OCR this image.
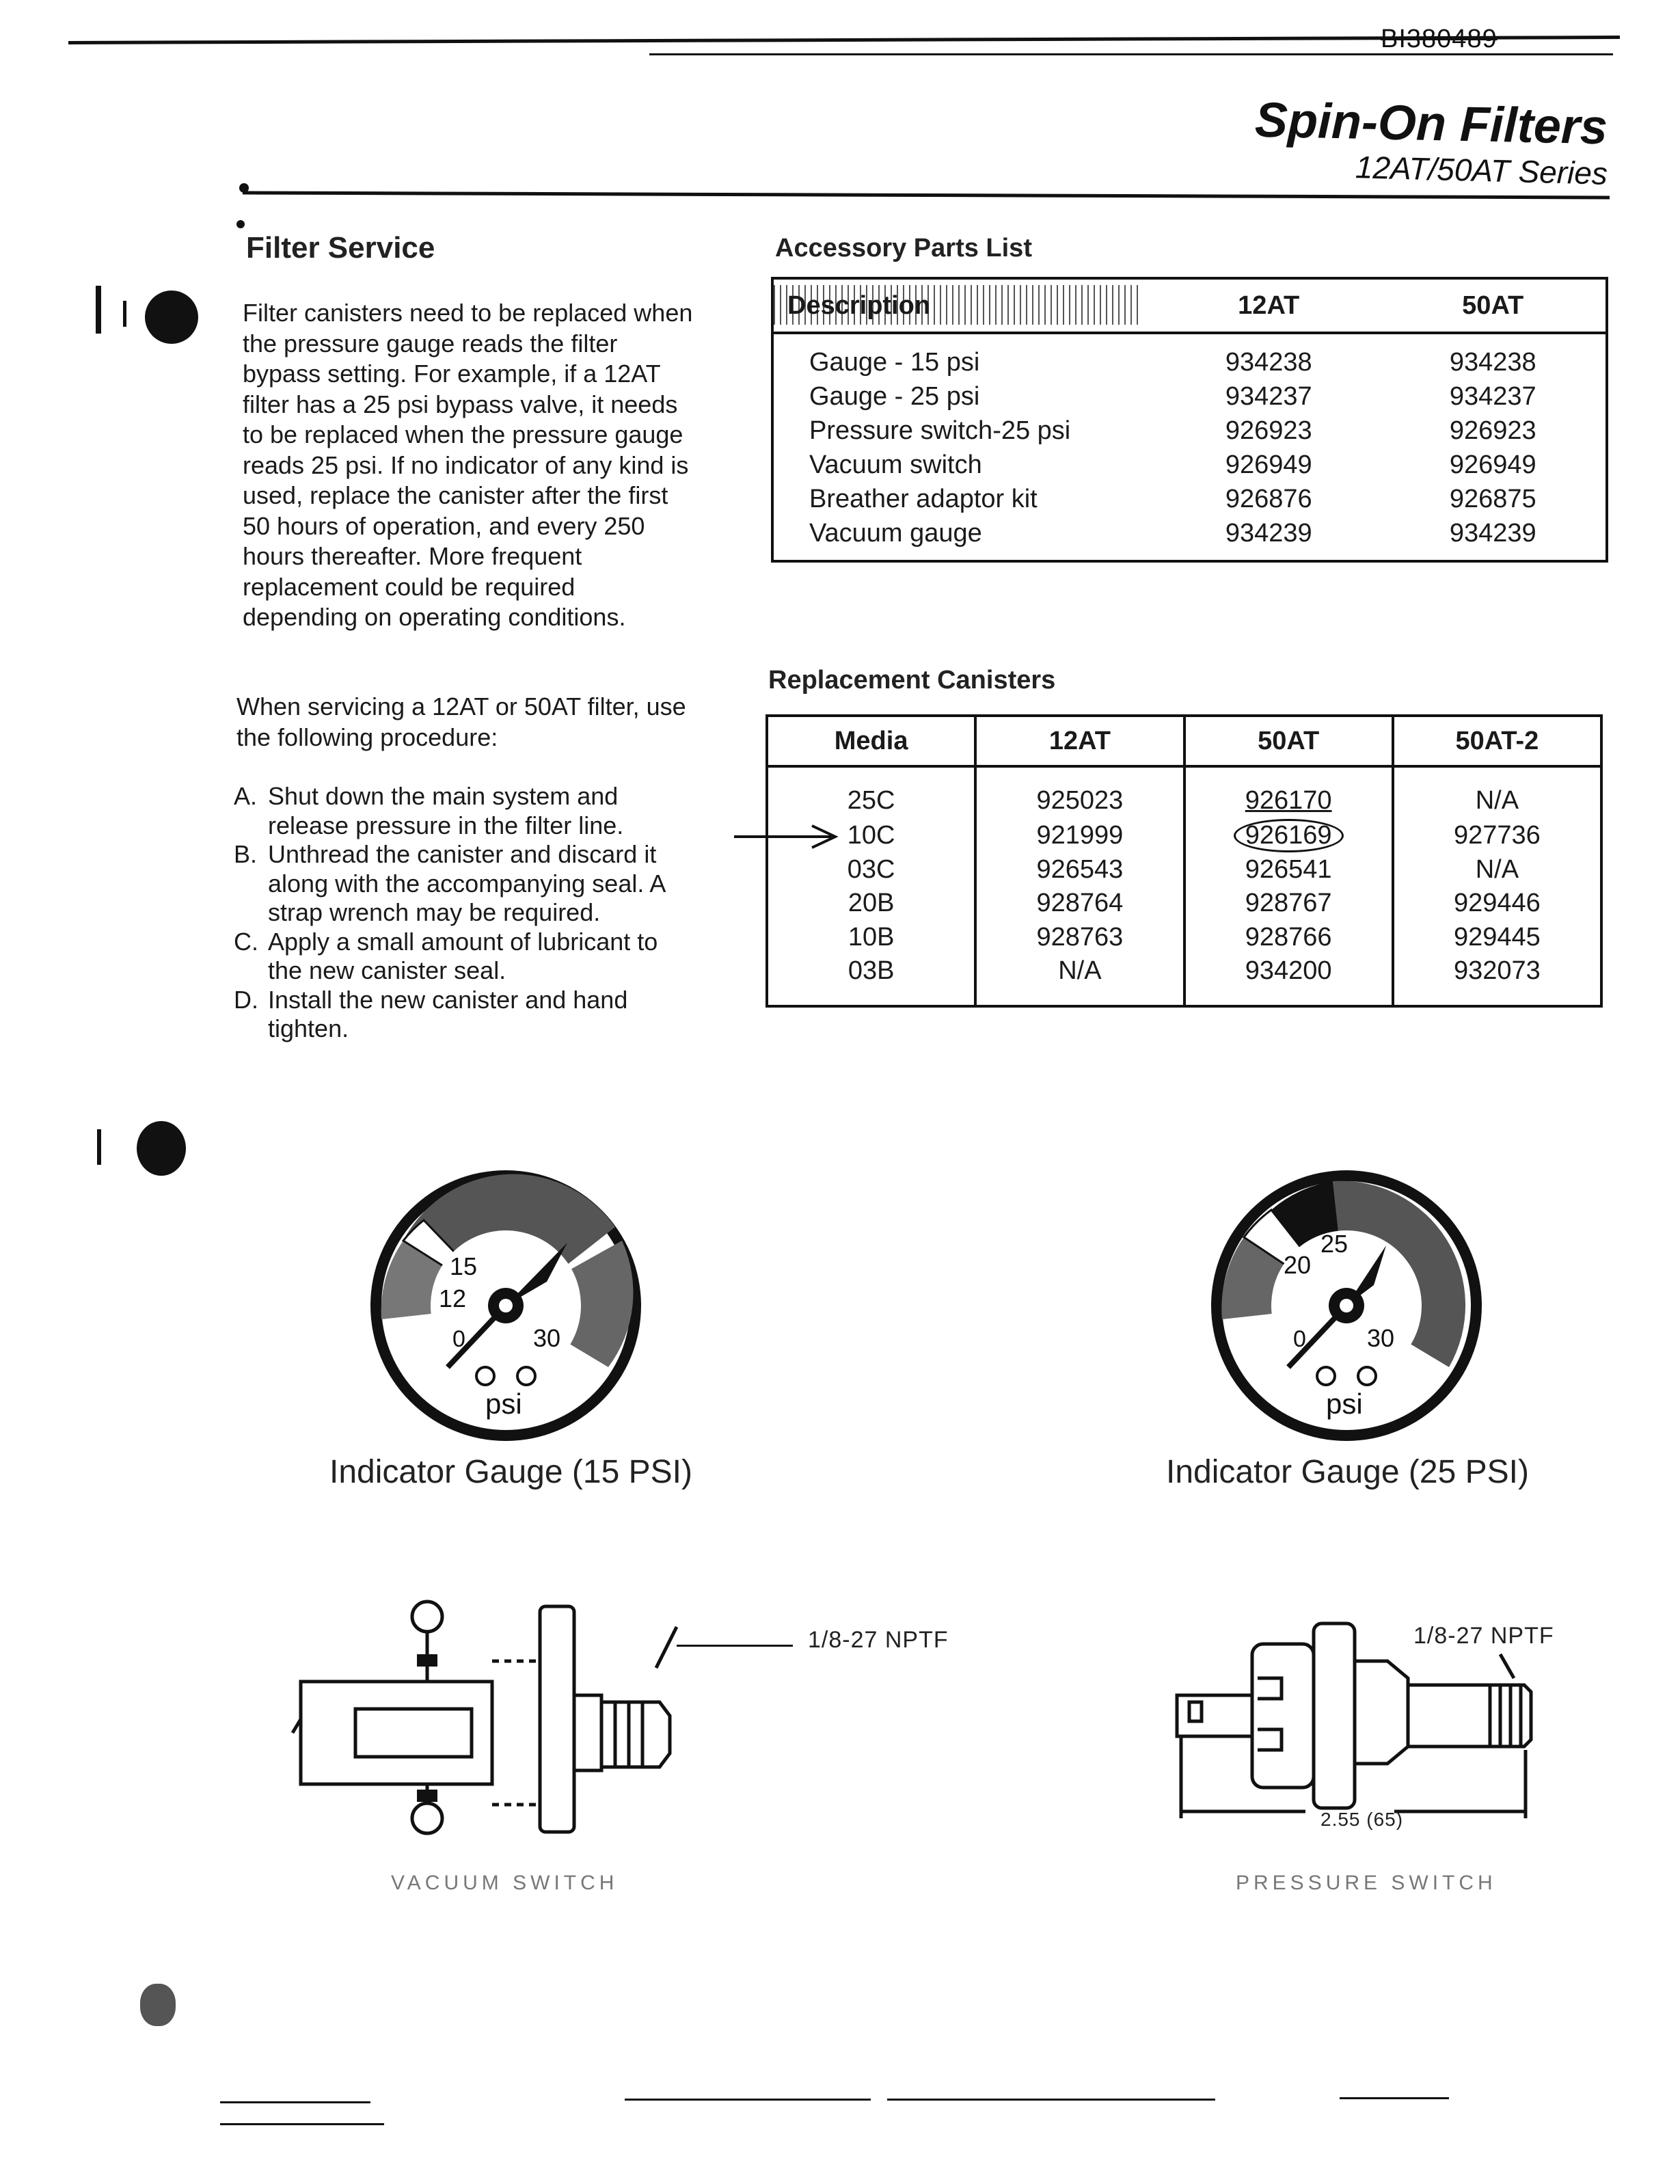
BI380489
Spin-On Filters
12AT/50AT Series
Filter Service
Filter canisters need to be replaced when the pressure gauge reads the filter bypass setting. For example, if a 12AT filter has a 25 psi bypass valve, it needs to be replaced when the pressure gauge reads 25 psi. If no indicator of any kind is used, replace the canister after the first 50 hours of operation, and every 250 hours thereafter. More frequent replacement could be required depending on operating conditions.
When servicing a 12AT or 50AT filter, use the following procedure:
A. Shut down the main system and release pressure in the filter line.
B. Unthread the canister and discard it along with the accompanying seal. A strap wrench may be required.
C. Apply a small amount of lubricant to the new canister seal.
D. Install the new canister and hand tighten.
Accessory Parts List
Description	12AT	50AT

Gauge - 15 psi	934238	934238
Gauge - 25 psi	934237	934237
Pressure switch-25 psi	926923	926923
Vacuum switch	926949	926949
Breather adaptor kit	926876	926875
Vacuum gauge	934239	934239

Replacement Canisters
Media	12AT	50AT	50AT-2

25C	925023	926170	N/A
10C	921999	926169	927736
03C	926543	926541	N/A
20B	928764	928767	929446
10B	928763	928766	929445
03B	N/A	934200	932073

15
12
0	30
psi
Indicator Gauge (15 PSI)
25
20
0 30
psi
Indicator Gauge (25 PSI)
1/8-27 NPTF
VACUUM SWITCH
1/8-27 NPTF
2.55 (65)
PRESSURE SWITCH
